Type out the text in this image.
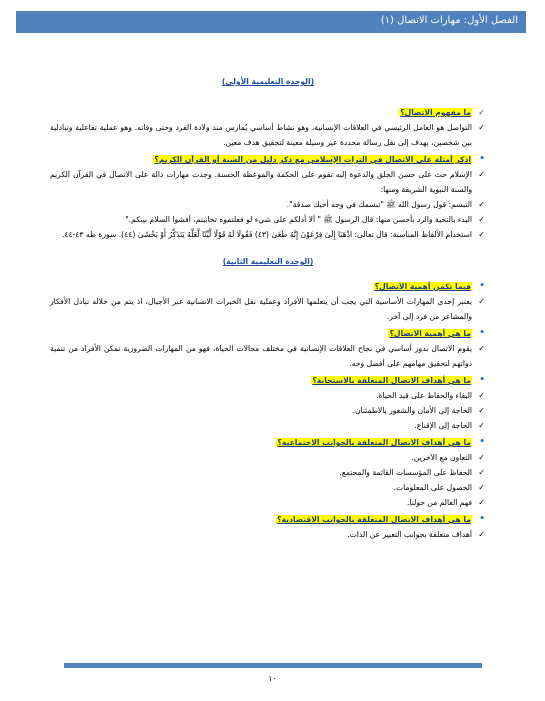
الفصل الأول: مهارات الاتصال (١)
(الوحدة التعليمية الأولى)
✓ ما مفهوم الاتصال؟
✓ التواصل هو العامل الرئيسي في العلاقات الإنسانية، وهو نشاط أساسي يُمارس منذ ولادة الفرد وحتى وفاته. وهو عملية تفاعلية وتبادلية بين شخصين، يهدف إلى نقل رسالة محددة عبر وسيلة معينة لتحقيق هدف معين.
• اذكر أمثلة على الاتصال في التراث الإسلامي مع ذكر دليل من السنة أو القرآن الكريم؟
✓ الإسلام حث على حسن الخلق والدعوة إليه تقوم على الحكمة والموعظة الحسنة. وجدت مهارات دالة على الاتصال في القرآن الكريم والسنة النبوية الشريفة ومنها:
✓ التبسم: قول رسول الله ﷺ "تبسمك في وجه أخيك صدقة".
✓ البدء بالتحية والرد بأحسن منها: قال الرسول ﷺ " ألا أدلكم على شيء لو فعلتموه تحاببتم، أفشوا السلام بينكم."
✓ استخدام الألفاظ المناسبة: قال تعالى: اذْهَبَا إِلَىٰ فِرْعَوْنَ إِنَّهُ طَغَىٰ (٤٣) فَقُولَا لَهُ قَوْلًا لَّيِّنًا لَّعَلَّهُ يَتَذَكَّرُ أَوْ يَخْشَىٰ (٤٤). سورة طه ٤٣-٤٤.
(الوحدة التعليمية الثانية)
• فيما تكمن أهمية الاتصال؟
✓ يعتبر إحدى المهارات الأساسية التي يجب أن يتعلمها الأفراد وعملية نقل الخبرات الانسانية عبر الأجيال، اذ يتم من خلاله تبادل الأفكار والمشاعر من فرد إلى آخر.
• ما هي أهمية الاتصال؟
✓ يقوم الاتصال بدور أساسي في نجاح العلاقات الإنسانية في مختلف مجالات الحياة، فهو من المهارات الضرورية تمكن الأفراد من تنمية ذواتهم لتحقيق مهامهم على أفضل وجه.
• ما هي أهداف الاتصال المتعلقة بالاستجابة؟
✓ البقاء والحفاظ على قيد الحياة.
✓ الحاجة إلى الأمان والشعور بالاطمئنان.
✓ الحاجة إلى الإقناع.
• ما هي أهداف الاتصال المتعلقة بالجوانب الاجتماعية؟
✓ التعاون مع الآخرين.
✓ الحفاظ على المؤسسات القائمة والمجتمع.
✓ الحصول على المعلومات.
✓ فهم العالم من حولنا.
• ما هي أهداف الاتصال المتعلقة بالجوانب الاقتصادية؟
✓ أهداف متعلقة بجوانب التعبير عن الذات.
١٠
